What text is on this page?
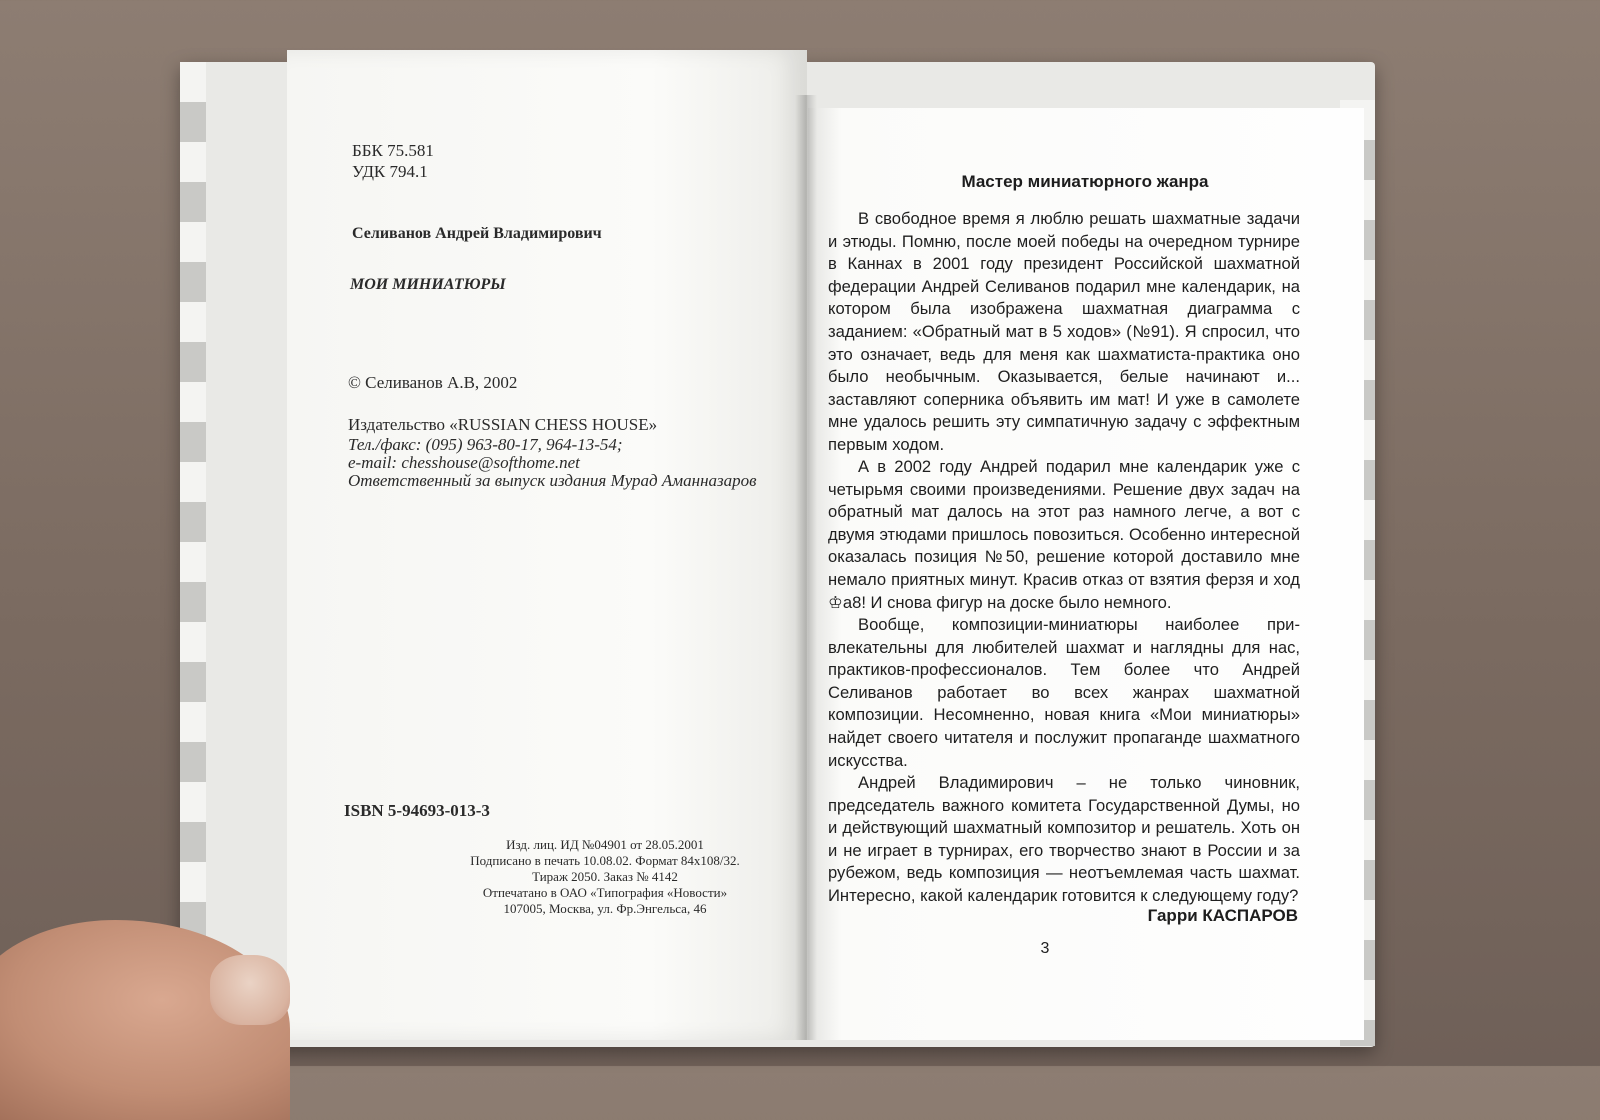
ББК 75.581
УДК 794.1
Селиванов Андрей Владимирович
МОИ МИНИАТЮРЫ
© Селиванов А.В, 2002
Издательство «RUSSIAN CHESS HOUSE»
Тел./факс: (095) 963-80-17, 964-13-54;
e-mail: chesshouse@softhome.net
Ответственный за выпуск издания Мурад Аманназаров
ISBN 5-94693-013-3
Изд. лиц. ИД №04901 от 28.05.2001
Подписано в печать 10.08.02. Формат 84x108/32.
Тираж 2050. Заказ № 4142
Отпечатано в ОАО «Типография «Новости»
107005, Москва, ул. Фр.Энгельса, 46
Мастер миниатюрного жанра

В свободное время я люблю решать шахматные задачи и этюды. Помню, после моей победы на очередном турнире в Каннах в 2001 году президент Российской шахматной федерации Андрей Селиванов подарил мне календарик, на котором была изображена шахматная диаграмма с заданием: «Обратный мат в 5 ходов» (№91). Я спросил, что это означает, ведь для меня как шахматиста-практика оно было необычным. Оказывается, белые начинают и... заставляют соперника объявить им мат! И уже в самолете мне удалось решить эту симпатичную задачу с эффектным первым ходом.

А в 2002 году Андрей подарил мне календарик уже с четырьмя своими произведениями. Решение двух задач на обратный мат далось на этот раз намного легче, а вот с двумя этюдами пришлось повозиться. Особенно интересной оказалась позиция №50, решение которой доставило мне немало приятных минут. Красив отказ от взятия ферзя и ход ♔a8! И снова фигур на доске было немного.

Вообще, композиции-миниатюры наиболее привлекательны для любителей шахмат и наглядны для нас, практиков-профессионалов. Тем более что Андрей Селиванов работает во всех жанрах шахматной композиции. Несомненно, новая книга «Мои миниатюры» найдет своего читателя и послужит пропаганде шахматного искусства.

Андрей Владимирович – не только чиновник, председатель важного комитета Государственной Думы, но и действующий шахматный композитор и решатель. Хоть он и не играет в турнирах, его творчество знают в России и за рубежом, ведь композиция — неотъемлемая часть шахмат. Интересно, какой календарик готовится к следующему году?

Гарри КАСПАРОВ
3
